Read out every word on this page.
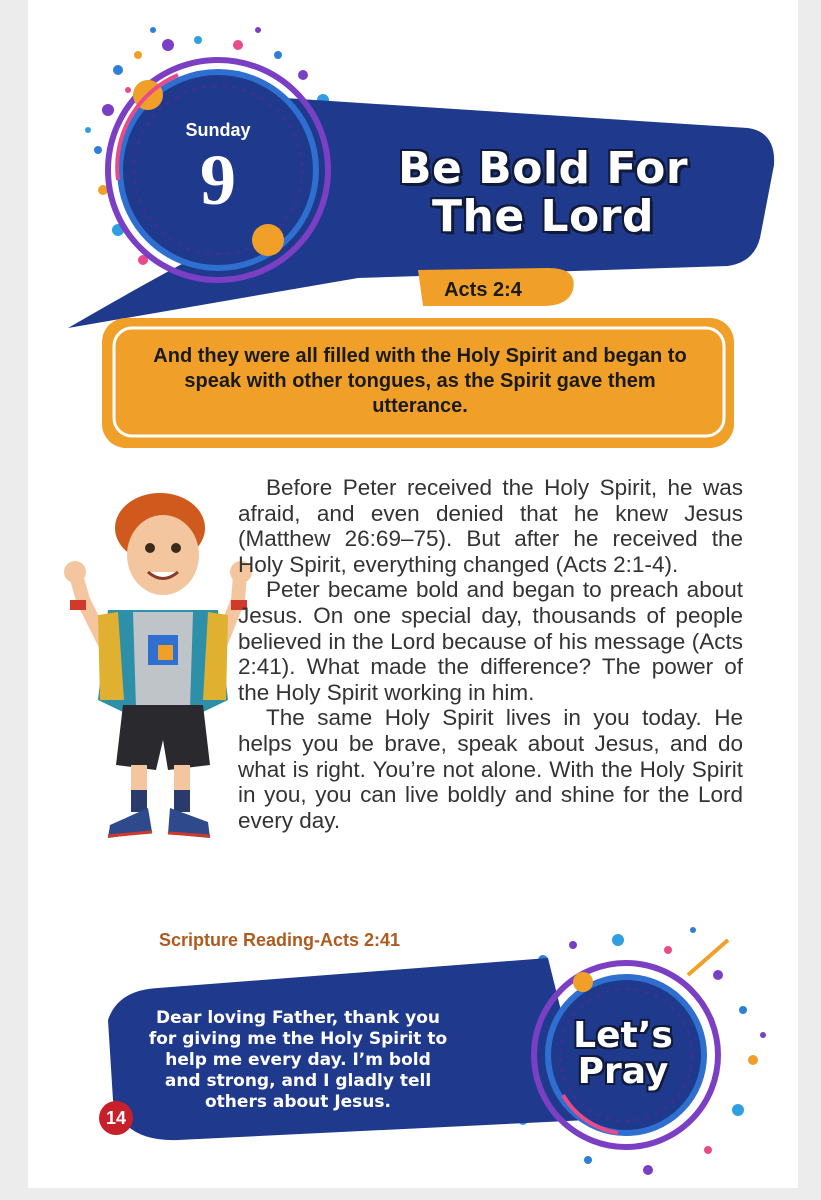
Sunday
9	Be Bold For
The Lord
Acts 2:4
And they were all filled with the Holy Spirit and began to speak with other tongues, as the Spirit gave them utterance.

Before Peter received the Holy Spirit, he was afraid, and even denied that he knew Jesus (Matthew 26:69–75). But after he received the Holy Spirit, everything changed (Acts 2:1-4).

Peter became bold and began to preach about Jesus. On one special day, thousands of people believed in the Lord because of his message (Acts 2:41). What made the difference? The power of the Holy Spirit working in him.

The same Holy Spirit lives in you today. He helps you be brave, speak about Jesus, and do what is right. You’re not alone. With the Holy Spirit in you, you can live boldly and shine for the Lord every day.

Scripture Reading-Acts 2:41
Dear loving Father, thank you for giving me the Holy Spirit to help me every day. I’m bold and strong, and I gladly tell others about Jesus.
Let’s
Pray
14
